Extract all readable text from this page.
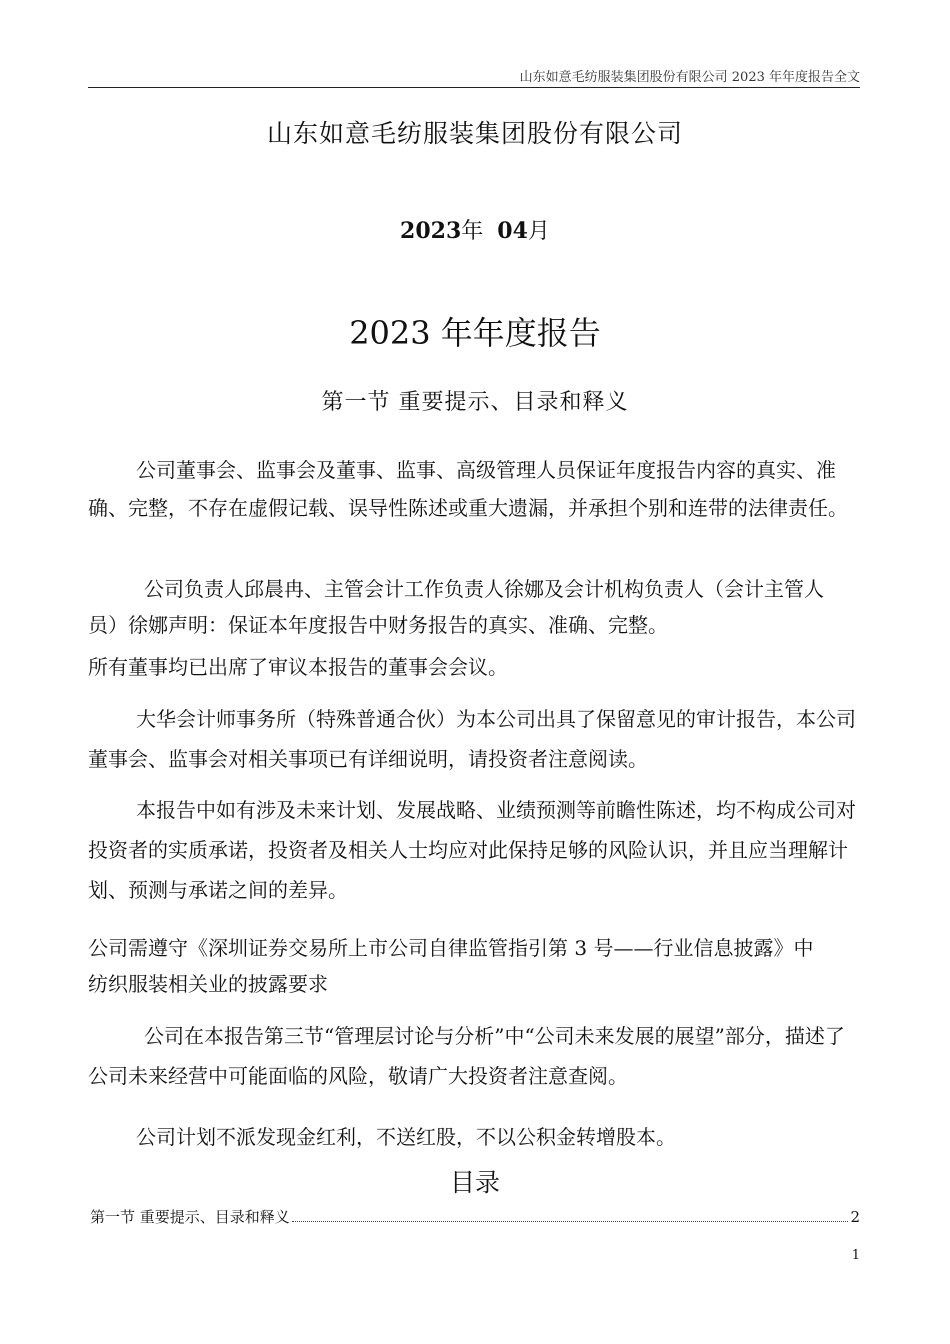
山东如意毛纺服装集团股份有限公司 2023 年年度报告全文
山东如意毛纺服装集团股份有限公司
2023年 04月
2023 年年度报告
第一节 重要提示、目录和释义

公司董事会、监事会及董事、监事、高级管理人员保证年度报告内容的真实、准确、完整，不存在虚假记载、误导性陈述或重大遗漏，并承担个别和连带的法律责任。

公司负责人邱晨冉、主管会计工作负责人徐娜及会计机构负责人（会计主管人员）徐娜声明：保证本年度报告中财务报告的真实、准确、完整。

所有董事均已出席了审议本报告的董事会会议。

大华会计师事务所（特殊普通合伙）为本公司出具了保留意见的审计报告，本公司董事会、监事会对相关事项已有详细说明，请投资者注意阅读。

本报告中如有涉及未来计划、发展战略、业绩预测等前瞻性陈述，均不构成公司对投资者的实质承诺，投资者及相关人士均应对此保持足够的风险认识，并且应当理解计划、预测与承诺之间的差异。

公司需遵守《深圳证券交易所上市公司自律监管指引第 3 号——行业信息披露》中纺织服装相关业的披露要求

公司在本报告第三节“管理层讨论与分析”中“公司未来发展的展望”部分，描述了公司未来经营中可能面临的风险，敬请广大投资者注意查阅。

公司计划不派发现金红利，不送红股，不以公积金转增股本。

目录
第一节 重要提示、目录和释义	2
1
